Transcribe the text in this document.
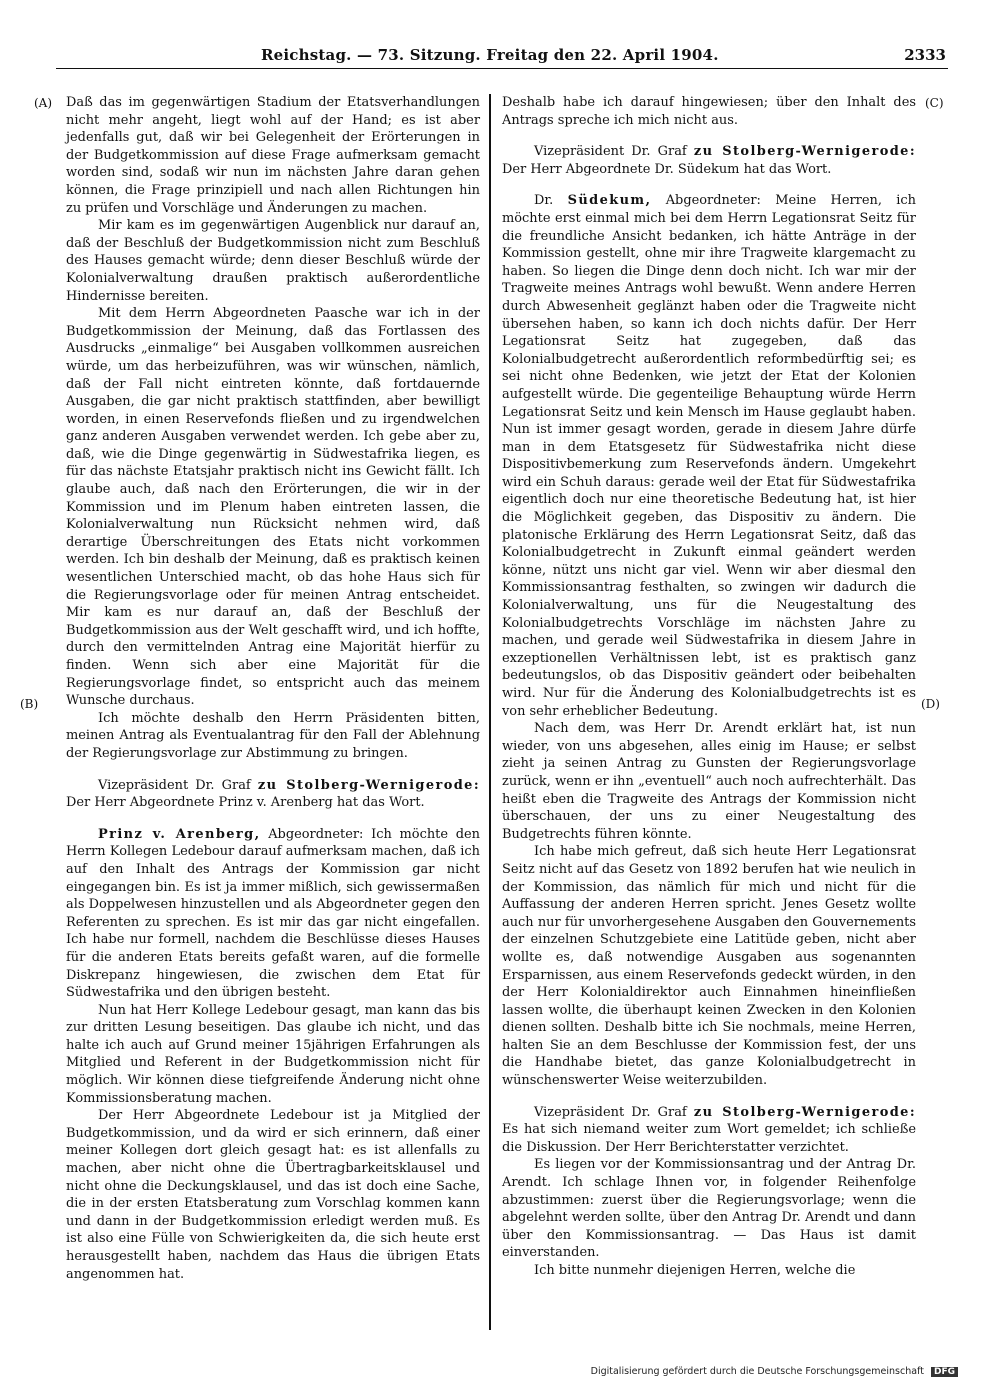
Reichstag. — 73. Sitzung. Freitag den 22. April 1904.	2333
(A)
(B)
(C)
(D)

Daß das im gegenwärtigen Stadium der Etatsverhandlungen nicht mehr angeht, liegt wohl auf der Hand; es ist aber jedenfalls gut, daß wir bei Gelegenheit der Erörterungen in der Budgetkommission auf diese Frage aufmerksam gemacht worden sind, sodaß wir nun im nächsten Jahre daran gehen können, die Frage prinzipiell und nach allen Richtungen hin zu prüfen und Vorschläge und Änderungen zu machen.

Mir kam es im gegenwärtigen Augenblick nur darauf an, daß der Beschluß der Budgetkommission nicht zum Beschluß des Hauses gemacht würde; denn dieser Beschluß würde der Kolonialverwaltung draußen praktisch außerordentliche Hindernisse bereiten.

Mit dem Herrn Abgeordneten Paasche war ich in der Budgetkommission der Meinung, daß das Fortlassen des Ausdrucks „einmalige“ bei Ausgaben vollkommen ausreichen würde, um das herbeizuführen, was wir wünschen, nämlich, daß der Fall nicht eintreten könnte, daß fortdauernde Ausgaben, die gar nicht praktisch stattfinden, aber bewilligt worden, in einen Reservefonds fließen und zu irgendwelchen ganz anderen Ausgaben verwendet werden. Ich gebe aber zu, daß, wie die Dinge gegenwärtig in Südwestafrika liegen, es für das nächste Etatsjahr praktisch nicht ins Gewicht fällt. Ich glaube auch, daß nach den Erörterungen, die wir in der Kommission und im Plenum haben eintreten lassen, die Kolonialverwaltung nun Rücksicht nehmen wird, daß derartige Überschreitungen des Etats nicht vorkommen werden. Ich bin deshalb der Meinung, daß es praktisch keinen wesentlichen Unterschied macht, ob das hohe Haus sich für die Regierungsvorlage oder für meinen Antrag entscheidet. Mir kam es nur darauf an, daß der Beschluß der Budgetkommission aus der Welt geschafft wird, und ich hoffte, durch den vermittelnden Antrag eine Majorität hierfür zu finden. Wenn sich aber eine Majorität für die Regierungsvorlage findet, so entspricht auch das meinem Wunsche durchaus.

Ich möchte deshalb den Herrn Präsidenten bitten, meinen Antrag als Eventualantrag für den Fall der Ablehnung der Regierungsvorlage zur Abstimmung zu bringen.

Vizepräsident Dr. Graf zu Stolberg-Wernigerode: Der Herr Abgeordnete Prinz v. Arenberg hat das Wort.

Prinz v. Arenberg, Abgeordneter: Ich möchte den Herrn Kollegen Ledebour darauf aufmerksam machen, daß ich auf den Inhalt des Antrags der Kommission gar nicht eingegangen bin. Es ist ja immer mißlich, sich gewissermaßen als Doppelwesen hinzustellen und als Abgeordneter gegen den Referenten zu sprechen. Es ist mir das gar nicht eingefallen. Ich habe nur formell, nachdem die Beschlüsse dieses Hauses für die anderen Etats bereits gefaßt waren, auf die formelle Diskrepanz hingewiesen, die zwischen dem Etat für Südwestafrika und den übrigen besteht.

Nun hat Herr Kollege Ledebour gesagt, man kann das bis zur dritten Lesung beseitigen. Das glaube ich nicht, und das halte ich auch auf Grund meiner 15jährigen Erfahrungen als Mitglied und Referent in der Budgetkommission nicht für möglich. Wir können diese tiefgreifende Änderung nicht ohne Kommissionsberatung machen.

Der Herr Abgeordnete Ledebour ist ja Mitglied der Budgetkommission, und da wird er sich erinnern, daß einer meiner Kollegen dort gleich gesagt hat: es ist allenfalls zu machen, aber nicht ohne die Übertragbarkeitsklausel und nicht ohne die Deckungsklausel, und das ist doch eine Sache, die in der ersten Etatsberatung zum Vorschlag kommen kann und dann in der Budgetkommission erledigt werden muß. Es ist also eine Fülle von Schwierigkeiten da, die sich heute erst herausgestellt haben, nachdem das Haus die übrigen Etats angenommen hat.

Deshalb habe ich darauf hingewiesen; über den Inhalt des Antrags spreche ich mich nicht aus.

Vizepräsident Dr. Graf zu Stolberg-Wernigerode: Der Herr Abgeordnete Dr. Südekum hat das Wort.

Dr. Südekum, Abgeordneter: Meine Herren, ich möchte erst einmal mich bei dem Herrn Legationsrat Seitz für die freundliche Ansicht bedanken, ich hätte Anträge in der Kommission gestellt, ohne mir ihre Tragweite klargemacht zu haben. So liegen die Dinge denn doch nicht. Ich war mir der Tragweite meines Antrags wohl bewußt. Wenn andere Herren durch Abwesenheit geglänzt haben oder die Tragweite nicht übersehen haben, so kann ich doch nichts dafür. Der Herr Legationsrat Seitz hat zugegeben, daß das Kolonialbudgetrecht außerordentlich reformbedürftig sei; es sei nicht ohne Bedenken, wie jetzt der Etat der Kolonien aufgestellt würde. Die gegenteilige Behauptung würde Herrn Legationsrat Seitz und kein Mensch im Hause geglaubt haben. Nun ist immer gesagt worden, gerade in diesem Jahre dürfe man in dem Etatsgesetz für Südwestafrika nicht diese Dispositivbemerkung zum Reservefonds ändern. Umgekehrt wird ein Schuh daraus: gerade weil der Etat für Südwestafrika eigentlich doch nur eine theoretische Bedeutung hat, ist hier die Möglichkeit gegeben, das Dispositiv zu ändern. Die platonische Erklärung des Herrn Legationsrat Seitz, daß das Kolonialbudgetrecht in Zukunft einmal geändert werden könne, nützt uns nicht gar viel. Wenn wir aber diesmal den Kommissionsantrag festhalten, so zwingen wir dadurch die Kolonialverwaltung, uns für die Neugestaltung des Kolonialbudgetrechts Vorschläge im nächsten Jahre zu machen, und gerade weil Südwestafrika in diesem Jahre in exzeptionellen Verhältnissen lebt, ist es praktisch ganz bedeutungslos, ob das Dispositiv geändert oder beibehalten wird. Nur für die Änderung des Kolonialbudgetrechts ist es von sehr erheblicher Bedeutung.

Nach dem, was Herr Dr. Arendt erklärt hat, ist nun wieder, von uns abgesehen, alles einig im Hause; er selbst zieht ja seinen Antrag zu Gunsten der Regierungsvorlage zurück, wenn er ihn „eventuell“ auch noch aufrechterhält. Das heißt eben die Tragweite des Antrags der Kommission nicht überschauen, der uns zu einer Neugestaltung des Budgetrechts führen könnte.

Ich habe mich gefreut, daß sich heute Herr Legationsrat Seitz nicht auf das Gesetz von 1892 berufen hat wie neulich in der Kommission, das nämlich für mich und nicht für die Auffassung der anderen Herren spricht. Jenes Gesetz wollte auch nur für unvorhergesehene Ausgaben den Gouvernements der einzelnen Schutzgebiete eine Latitüde geben, nicht aber wollte es, daß notwendige Ausgaben aus sogenannten Ersparnissen, aus einem Reservefonds gedeckt würden, in den der Herr Kolonialdirektor auch Einnahmen hineinfließen lassen wollte, die überhaupt keinen Zwecken in den Kolonien dienen sollten. Deshalb bitte ich Sie nochmals, meine Herren, halten Sie an dem Beschlusse der Kommission fest, der uns die Handhabe bietet, das ganze Kolonialbudgetrecht in wünschenswerter Weise weiterzubilden.

Vizepräsident Dr. Graf zu Stolberg-Wernigerode: Es hat sich niemand weiter zum Wort gemeldet; ich schließe die Diskussion. Der Herr Berichterstatter verzichtet.

Es liegen vor der Kommissionsantrag und der Antrag Dr. Arendt. Ich schlage Ihnen vor, in folgender Reihenfolge abzustimmen: zuerst über die Regierungsvorlage; wenn die abgelehnt werden sollte, über den Antrag Dr. Arendt und dann über den Kommissionsantrag. — Das Haus ist damit einverstanden.

Ich bitte nunmehr diejenigen Herren, welche die

Digitalisierung gefördert durch die Deutsche Forschungsgemeinschaft DFG
